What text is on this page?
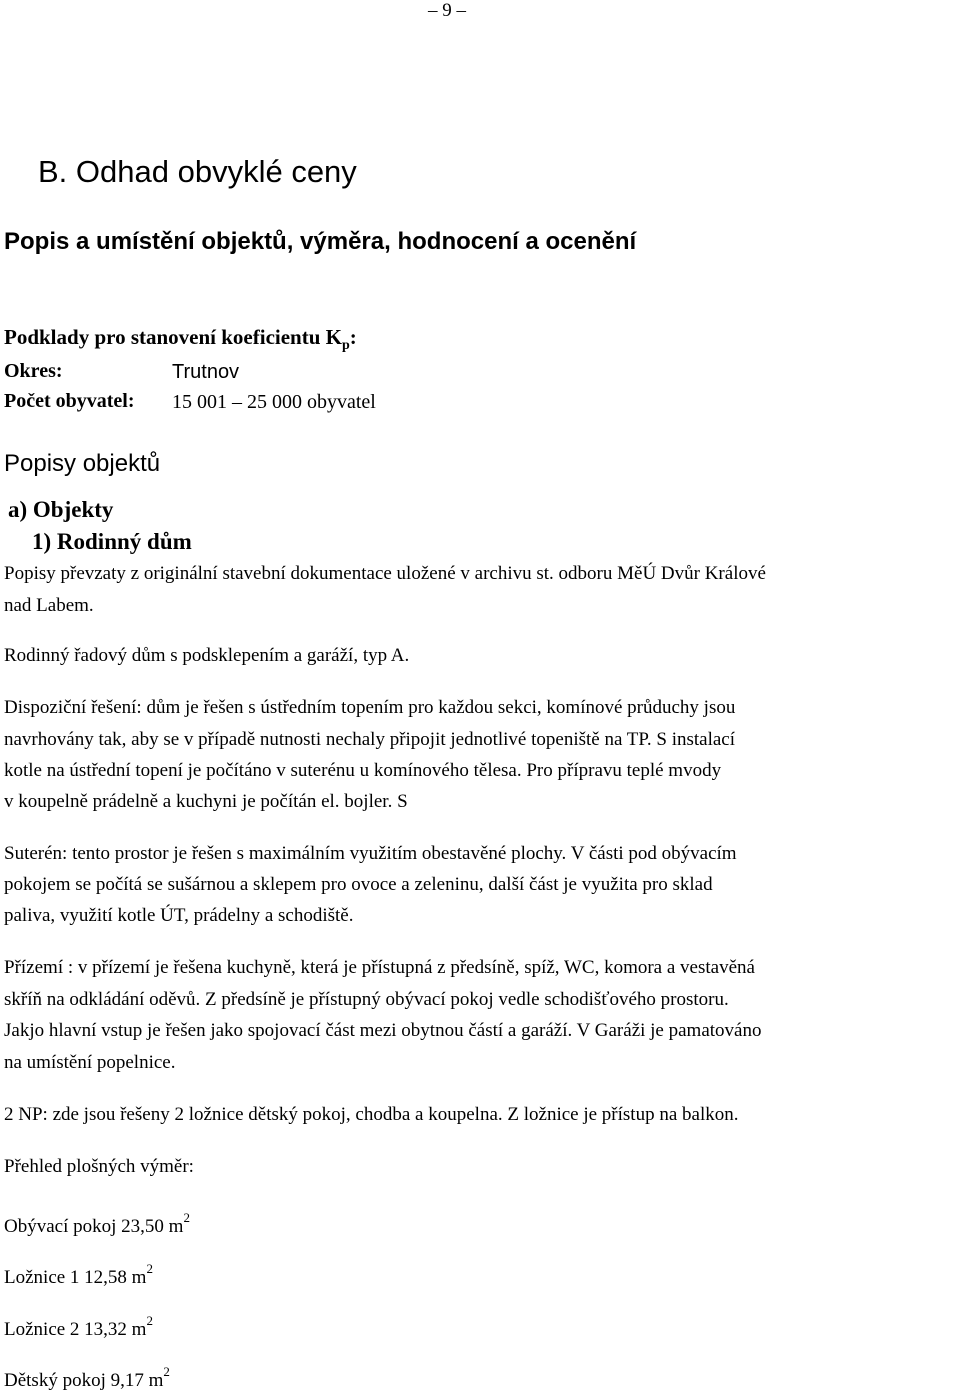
– 9 –
B. Odhad obvyklé ceny
Popis a umístění objektů, výměra, hodnocení a ocenění
Podklady pro stanovení koeficientu $K_p$:
Okres:	Trutnov
Počet obyvatel: 15 001 – 25 000 obyvatel
Popisy objektů
a) Objekty
1) Rodinný dům
Popisy převzaty z originální stavební dokumentace uložené v archivu st. odboru MěÚ Dvůr Králové
nad Labem.
Rodinný řadový dům s podsklepením a garáží, typ A.
Dispoziční řešení: dům je řešen s ústředním topením pro každou sekci, komínové průduchy jsou
navrhovány tak, aby se v případě nutnosti nechaly připojit jednotlivé topeniště na TP. S instalací
kotle na ústřední topení je počítáno v suterénu u komínového tělesa. Pro přípravu teplé mvody
v koupelně prádelně a kuchyni je počítán el. bojler. S
Suterén: tento prostor je řešen s maximálním využitím obestavěné plochy. V části pod obývacím
pokojem se počítá se sušárnou a sklepem pro ovoce a zeleninu, další část je využita pro sklad
paliva, využití kotle ÚT, prádelny a schodiště.
Přízemí : v přízemí je řešena kuchyně, která je přístupná z předsíně, spíž, WC, komora a vestavěná
skříň na odkládání oděvů. Z předsíně je přístupný obývací pokoj vedle schodišťového prostoru.
Jakjo hlavní vstup je řešen jako spojovací část mezi obytnou částí a garáží. V Garáži je pamatováno
na umístění popelnice.
2 NP: zde jsou řešeny 2 ložnice dětský pokoj, chodba a koupelna. Z ložnice je přístup na balkon.
Přehled plošných výměr:
Obývací pokoj 23,50 $m^2$
Ložnice 1 12,58 $m^2$
Ložnice 2 13,32 $m^2$
Dětský pokoj 9,17 $m^2$
